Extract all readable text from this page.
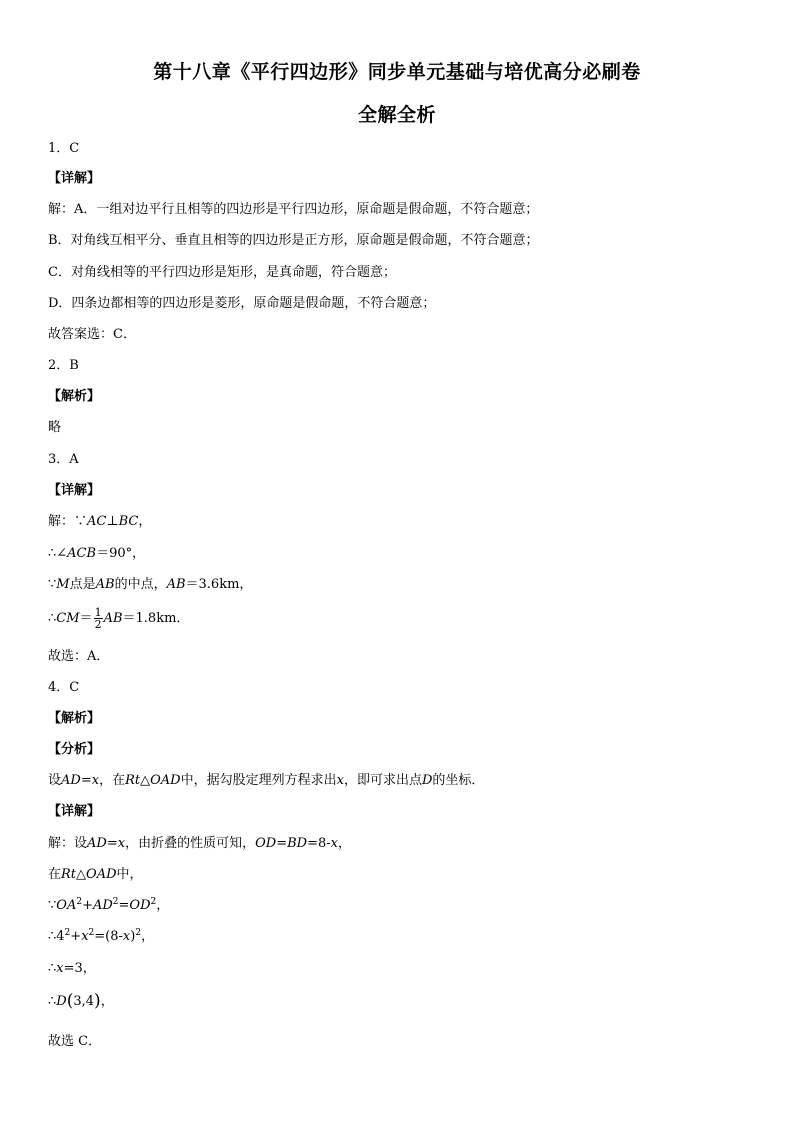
第十八章《平行四边形》同步单元基础与培优高分必刷卷
全解全析
1．C
【详解】
解：A．一组对边平行且相等的四边形是平行四边形，原命题是假命题，不符合题意；
B．对角线互相平分、垂直且相等的四边形是正方形，原命题是假命题，不符合题意；
C．对角线相等的平行四边形是矩形，是真命题，符合题意；
D．四条边都相等的四边形是菱形，原命题是假命题，不符合题意；
故答案选：C．
2．B
【解析】
略
3．A
【详解】
解：∵AC⊥BC，
∴∠ACB＝90°，
∵M点是AB的中点，AB＝3.6km，
∴CM＝ $\frac{1}{2} AB=1.8km$．
故选：A．
4．C
【解析】
【分析】
设AD=x，在Rt△OAD中，据勾股定理列方程求出x，即可求出点D的坐标．
【详解】
解：设AD=x，由折叠的性质可知，OD=BD=8-x，
在Rt△OAD中，
$\because OA^2+AD^2=OD^2$，
$\therefore 4^2+x^2=(8-x)^2$，
∴x=3，
∴D(3,4)，
故选 C．
